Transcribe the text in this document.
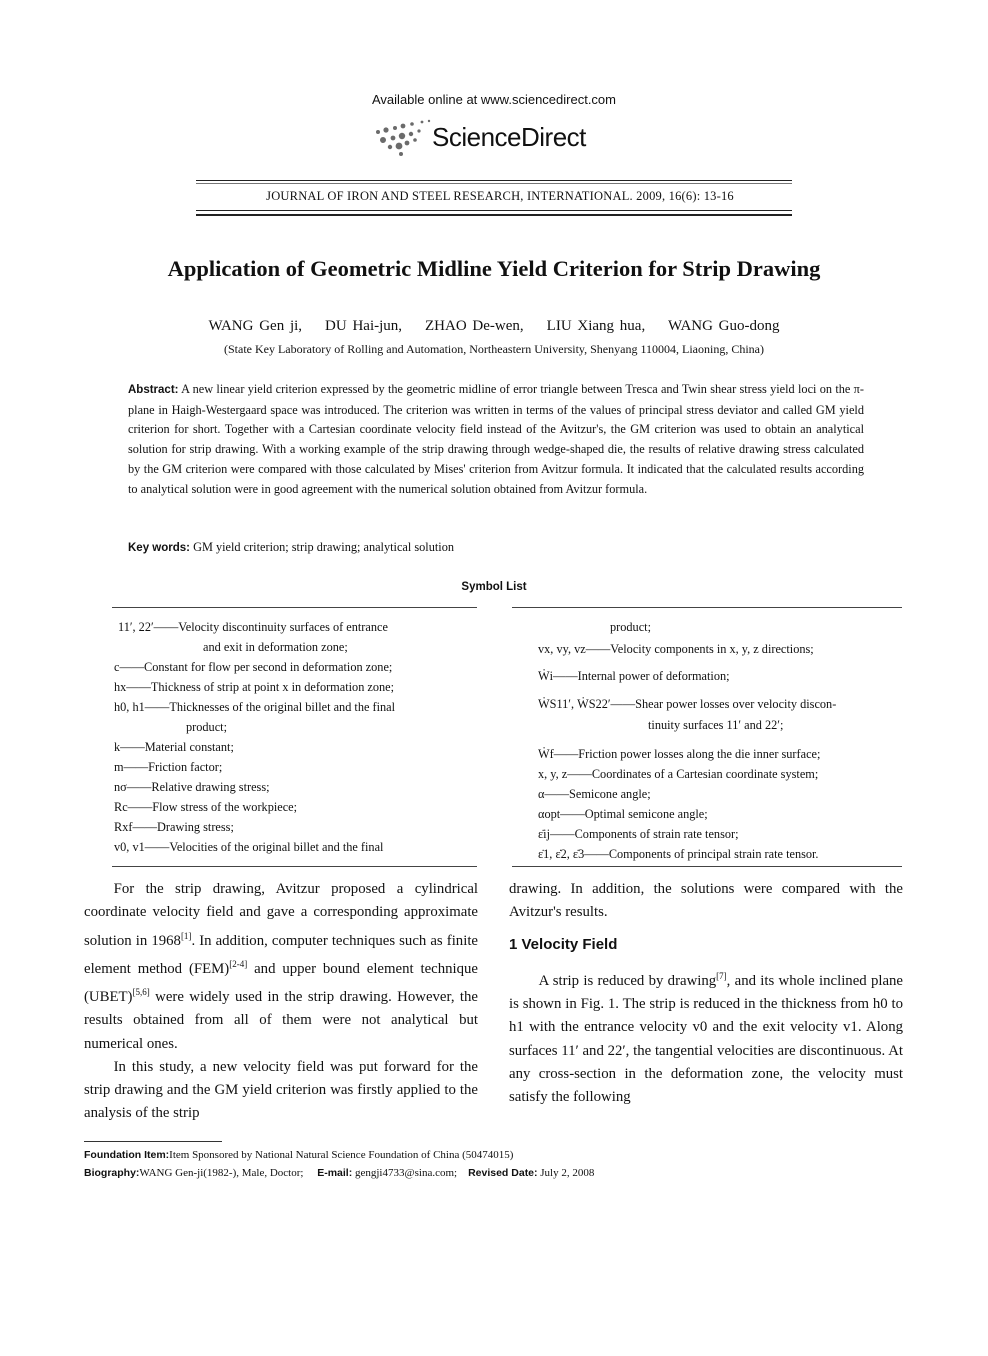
Available online at www.sciencedirect.com
ScienceDirect
JOURNAL OF IRON AND STEEL RESEARCH, INTERNATIONAL. 2009, 16(6): 13-16
Application of Geometric Midline Yield Criterion for Strip Drawing
WANG Gen ji,    DU Hai-jun,    ZHAO De-wen,    LIU Xiang hua,    WANG Guo-dong
(State Key Laboratory of Rolling and Automation, Northeastern University, Shenyang 110004, Liaoning, China)
Abstract: A new linear yield criterion expressed by the geometric midline of error triangle between Tresca and Twin shear stress yield loci on the π-plane in Haigh-Westergaard space was introduced. The criterion was written in terms of the values of principal stress deviator and called GM yield criterion for short. Together with a Cartesian coordinate velocity field instead of the Avitzur's, the GM criterion was used to obtain an analytical solution for strip drawing. With a working example of the strip drawing through wedge-shaped die, the results of relative drawing stress calculated by the GM criterion were compared with those calculated by Mises' criterion from Avitzur formula. It indicated that the calculated results according to analytical solution were in good agreement with the numerical solution obtained from Avitzur formula.
Key words: GM yield criterion; strip drawing; analytical solution
Symbol List
11′, 22′——Velocity discontinuity surfaces of entrance
and exit in deformation zone;
c——Constant for flow per second in deformation zone;
hx——Thickness of strip at point x in deformation zone;
h0, h1——Thicknesses of the original billet and the final
product;
k——Material constant;
m——Friction factor;
nσ——Relative drawing stress;
Rc——Flow stress of the workpiece;
Rxf——Drawing stress;
v0, v1——Velocities of the original billet and the final
product;
vx, vy, vz——Velocity components in x, y, z directions;
Ẇi——Internal power of deformation;
ẆS11′, ẆS22′——Shear power losses over velocity discon-
tinuity surfaces 11′ and 22′;
Ẇf——Friction power losses along the die inner surface;
x, y, z——Coordinates of a Cartesian coordinate system;
α——Semicone angle;
αopt——Optimal semicone angle;
ε̇ij——Components of strain rate tensor;
ε̇1, ε̇2, ε̇3——Components of principal strain rate tensor.

For the strip drawing, Avitzur proposed a cylindrical coordinate velocity field and gave a corresponding approximate solution in 1968[1]. In addition, computer techniques such as finite element method (FEM)[2-4] and upper bound element technique (UBET)[5,6] were widely used in the strip drawing. However, the results obtained from all of them were not analytical but numerical ones.

In this study, a new velocity field was put forward for the strip drawing and the GM yield criterion was firstly applied to the analysis of the strip

drawing. In addition, the solutions were compared with the Avitzur's results.

1 Velocity Field

A strip is reduced by drawing[7], and its whole inclined plane is shown in Fig. 1. The strip is reduced in the thickness from h0 to h1 with the entrance velocity v0 and the exit velocity v1. Along surfaces 11′ and 22′, the tangential velocities are discontinuous. At any cross-section in the deformation zone, the velocity must satisfy the following

Foundation Item:Item Sponsored by National Natural Science Foundation of China (50474015)
Biography:WANG Gen-ji(1982-), Male, Doctor; E-mail: gengji4733@sina.com; Revised Date: July 2, 2008
